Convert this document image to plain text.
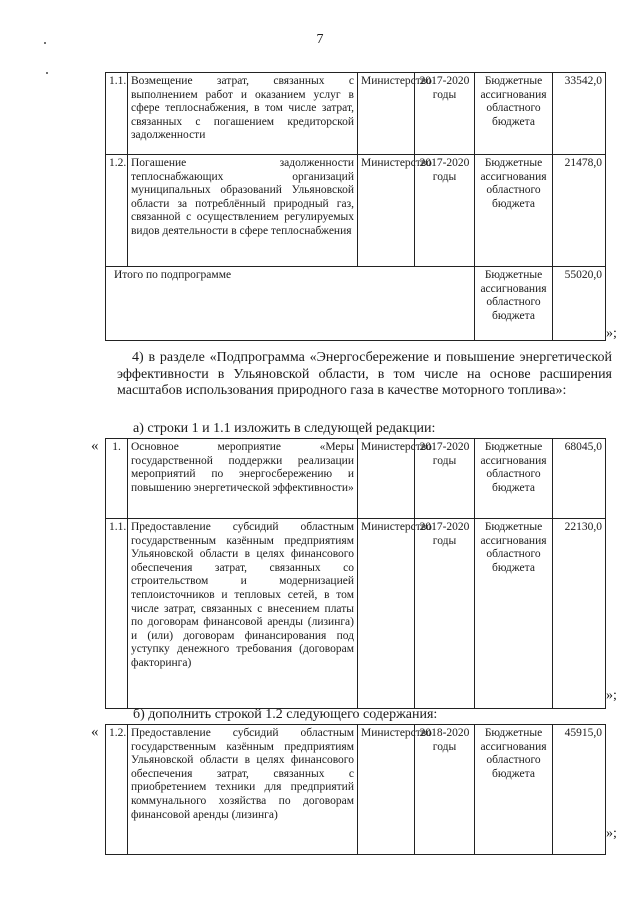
7
1.1.	Возмещение затрат, связанных с выполнением работ и оказанием услуг в сфере теплоснабжения, в том числе затрат, связанных с погашением кредиторской задолженности	Министерство	2017-2020 годы	Бюджетные ассигнования областного бюджета	33542,0
1.2.	Погашение задолженности теплоснабжающих организаций муниципальных образований Ульяновской области за потреблённый природный газ, связанной с осуществлением регулируемых видов деятельности в сфере теплоснабжения	Министерство	2017-2020 годы	Бюджетные ассигнования областного бюджета	21478,0
Итого по подпрограмме				Бюджетные ассигнования областного бюджета	55020,0
»;
4) в разделе «Подпрограмма «Энергосбережение и повышение энергетической эффективности в Ульяновской области, в том числе на основе расширения масштабов использования природного газа в качестве моторного топлива»:
а) строки 1 и 1.1 изложить в следующей редакции:
« 1.	Основное мероприятие «Меры государственной поддержки реализации мероприятий по энергосбережению и повышению энергетической эффективности»	Министерство	2017-2020 годы	Бюджетные ассигнования областного бюджета	68045,0
1.1.	Предоставление субсидий областным государственным казённым предприятиям Ульяновской области в целях финансового обеспечения затрат, связанных со строительством и модернизацией теплоисточников и тепловых сетей, в том числе затрат, связанных с внесением платы по договорам финансовой аренды (лизинга) и (или) договорам финансирования под уступку денежного требования (договорам факторинга)	Министерство	2017-2020 годы	Бюджетные ассигнования областного бюджета	22130,0
»;
б) дополнить строкой 1.2 следующего содержания:
« 1.2.	Предоставление субсидий областным государственным казённым предприятиям Ульяновской области в целях финансового обеспечения затрат, связанных с приобретением техники для предприятий коммунального хозяйства по договорам финансовой аренды (лизинга)	Министерство	2018-2020 годы	Бюджетные ассигнования областного бюджета	45915,0
»;
